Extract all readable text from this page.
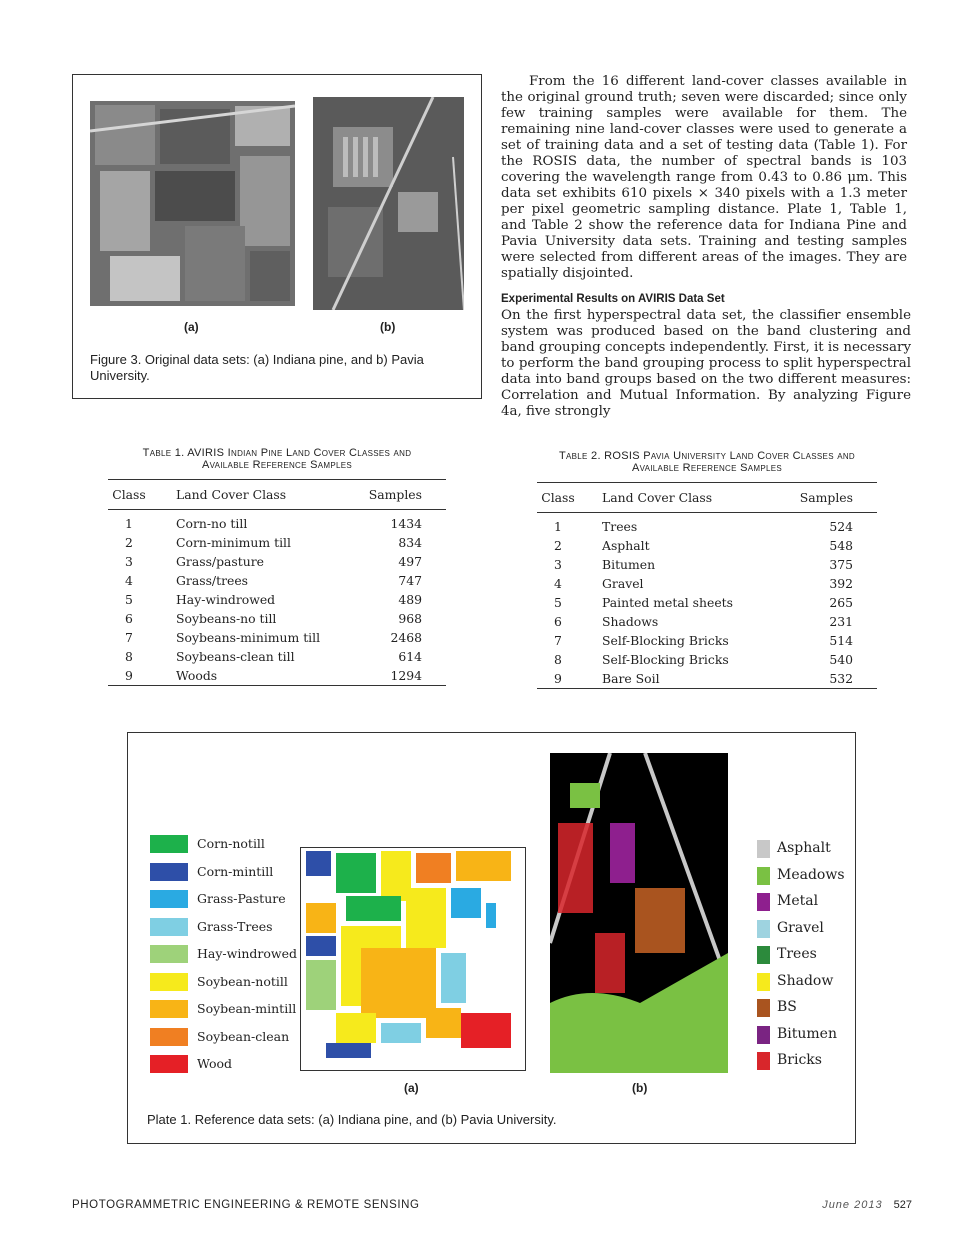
(a)	(b)
Figure 3. Original data sets: (a) Indiana pine, and b) Pavia University.
From the 16 different land-cover classes available in the original ground truth; seven were discarded; since only few training samples were available for them. The remaining nine land-cover classes were used to generate a set of training data and a set of testing data (Table 1). For the ROSIS data, the number of spectral bands is 103 covering the wavelength range from 0.43 to 0.86 μm. This data set exhibits 610 pixels × 340 pixels with a 1.3 meter per pixel geometric sampling distance. Plate 1, Table 1, and Table 2 show the reference data for Indiana Pine and Pavia University data sets. Training and testing samples were selected from different areas of the images. They are spatially disjointed.
Experimental Results on AVIRIS Data Set
On the first hyperspectral data set, the classifier ensemble system was produced based on the band clustering and band grouping concepts independently. First, it is necessary to perform the band grouping process to split hyperspectral data into band groups based on the two different measures: Correlation and Mutual Information. By analyzing Figure 4a, five strongly
Table 1. AVIRIS Indian Pine Land Cover Classes and
Available Reference Samples
Class	Land Cover Class	Samples
1	Corn-no till	1434
2	Corn-minimum till	834
3	Grass/pasture	497
4	Grass/trees	747
5	Hay-windrowed	489
6	Soybeans-no till	968
7	Soybeans-minimum till	2468
8	Soybeans-clean till	614
9	Woods	1294
Table 2. ROSIS Pavia University Land Cover Classes and
Available Reference Samples
Class	Land Cover Class	Samples
1	Trees	524
2	Asphalt	548
3	Bitumen	375
4	Gravel	392
5	Painted metal sheets	265
6	Shadows	231
7	Self-Blocking Bricks	514
8	Self-Blocking Bricks	540
9	Bare Soil	532
Corn-notill
Corn-mintill
Grass-Pasture
Grass-Trees
Hay-windrowed
Soybean-notill
Soybean-mintill
Soybean-clean
Wood
Asphalt
Meadows
Metal
Gravel
Trees
Shadow
BS
Bitumen
Bricks
(a)	(b)
Plate 1. Reference data sets: (a) Indiana pine, and (b) Pavia University.
PHOTOGRAMMETRIC ENGINEERING & REMOTE SENSING	June 2013 527
